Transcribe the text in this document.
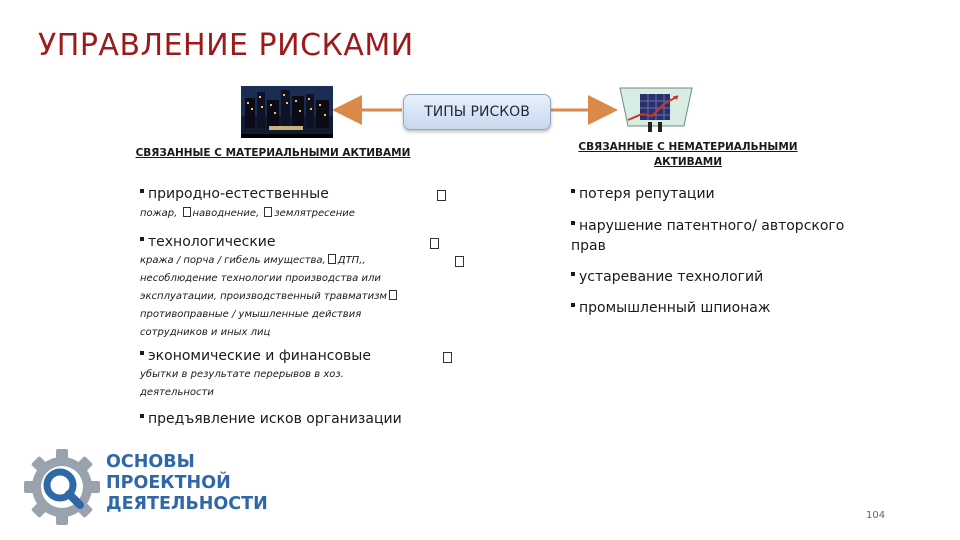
УПРАВЛЕНИЕ РИСКАМИ
ТИПЫ РИСКОВ
СВЯЗАННЫЕ С МАТЕРИАЛЬНЫМИ АКТИВАМИ	СВЯЗАННЫЕ С НЕМАТЕРИАЛЬНЫМИ
АКТИВАМИ
природно-естественные
пожар, наводнение, землятресение
технологические
кража / порча / гибель имущества, ДТП,,
несоблюдение технологии производства или
эксплуатации, производственный травматизм
противоправные / умышленные действия
сотрудников и иных лиц
экономические и финансовые
убытки в результате перерывов в хоз.
деятельности
предъявление исков организации
потеря репутации
нарушение патентного/ авторского
прав
устаревание технологий
промышленный шпионаж
ОСНОВЫ
ПРОЕКТНОЙ
ДЕЯТЕЛЬНОСТИ
104
